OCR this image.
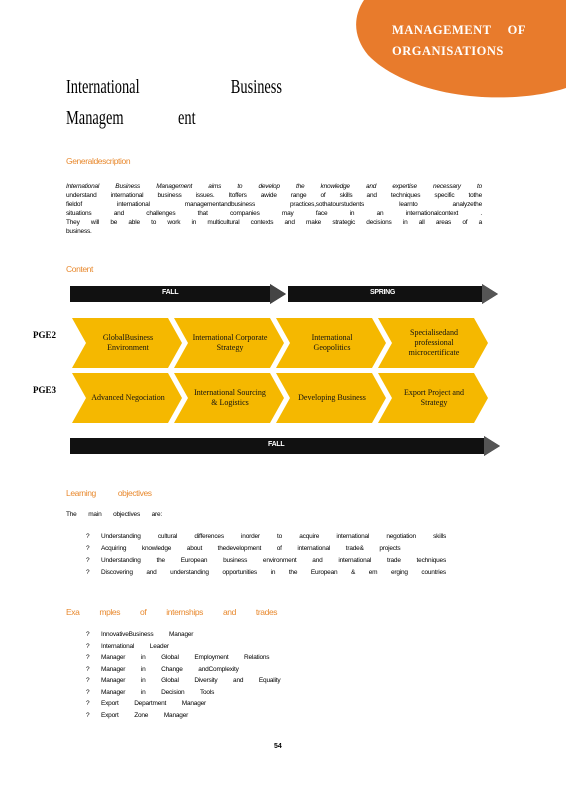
MANAGEMENT OF
ORGANISATIONS
International	Business
Managem	ent
Generaldescription
International Business Management aims to develop the knowledge and expertise necessary to
understand international business issues. Itoffers awide range of skills and techniques specific tothe
fieldof international managementandbusiness practices,sothatourstudents learnto analyzethe
situations and challenges that companies may face in an internationalcontext .
They will be able to work in multicultural contexts and make strategic decisions in all areas of a
business.
Content
FALL	SPRING
PGE2
PGE3
GlobalBusiness Environment
International Corporate Strategy
International Geopolitics
Specialisedand professional microcertificate
Advanced Negociation
International Sourcing & Logistics
Developing Business
Export Project and Strategy
FALL
Learning objectives
The main objectives are:
?	Understanding cultural differences inorder to acquire international negotiation skills
?	Acquiring knowledge about thedevelopment of international trade& projects
?	Understanding the European business environment and international trade techniques
?	Discovering and understanding opportunities in the European & em erging countries
Exa mples of internships and trades
?	InnovativeBusiness Manager
?	International Leader
?	Manager in Global Employment Relations
?	Manager in Change andComplexity
?	Manager in Global Diversity and Equality
?	Manager in Decision Tools
?	Export Department Manager
?	Export Zone Manager
54
